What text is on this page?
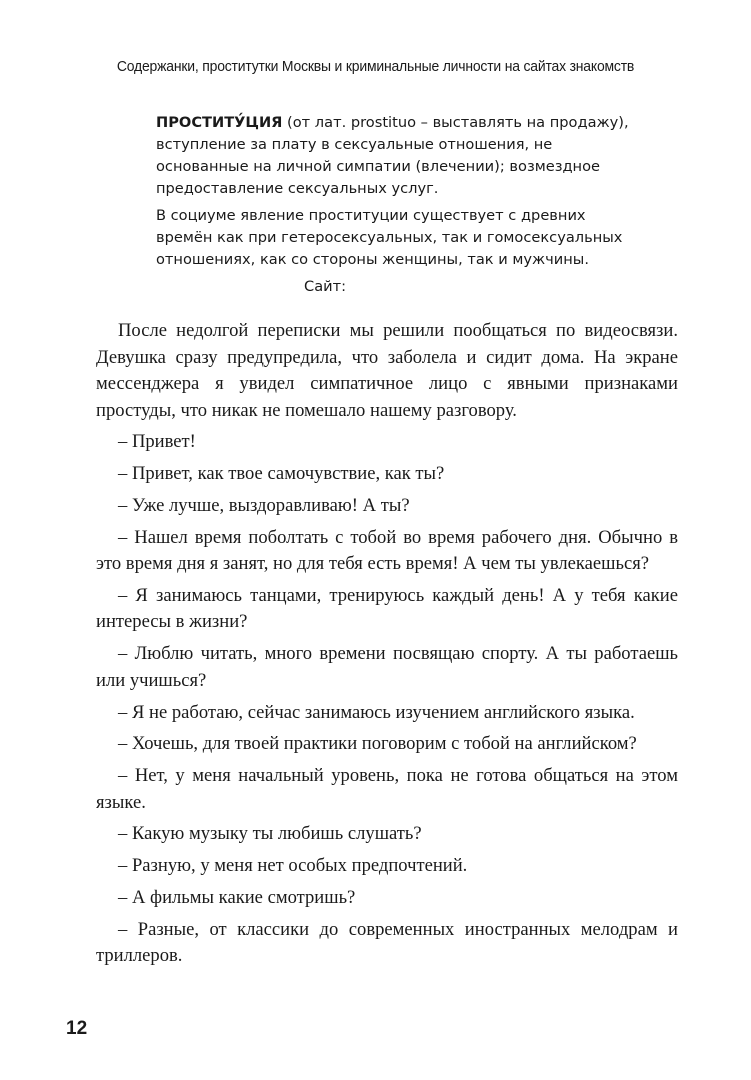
Содержанки, проститутки Москвы и криминальные личности на сайтах знакомств

ПРОСТИТУ́ЦИЯ (от лат. prostituo – выставлять на продажу), вступление за плату в сексуальные отношения, не основанные на личной симпатии (влечении); возмездное предоставление сексуальных услуг.

В социуме явление проституции существует с древних времён как при гетеросексуальных, так и гомосексуальных отношениях, как со стороны женщины, так и мужчины.

Сайт:

После недолгой переписки мы решили пообщаться по видеосвязи. Девушка сразу предупредила, что заболела и сидит дома. На экране мессенджера я увидел симпатичное лицо с явными признаками простуды, что никак не помешало нашему разговору.

– Привет!

– Привет, как твое самочувствие, как ты?

– Уже лучше, выздоравливаю! А ты?

– Нашел время поболтать с тобой во время рабочего дня. Обычно в это время дня я занят, но для тебя есть время! А чем ты увлекаешься?

– Я занимаюсь танцами, тренируюсь каждый день! А у тебя какие интересы в жизни?

– Люблю читать, много времени посвящаю спорту. А ты работаешь или учишься?

– Я не работаю, сейчас занимаюсь изучением английского языка.

– Хочешь, для твоей практики поговорим с тобой на английском?

– Нет, у меня начальный уровень, пока не готова общаться на этом языке.

– Какую музыку ты любишь слушать?

– Разную, у меня нет особых предпочтений.

– А фильмы какие смотришь?

– Разные, от классики до современных иностранных мелодрам и триллеров.

12
